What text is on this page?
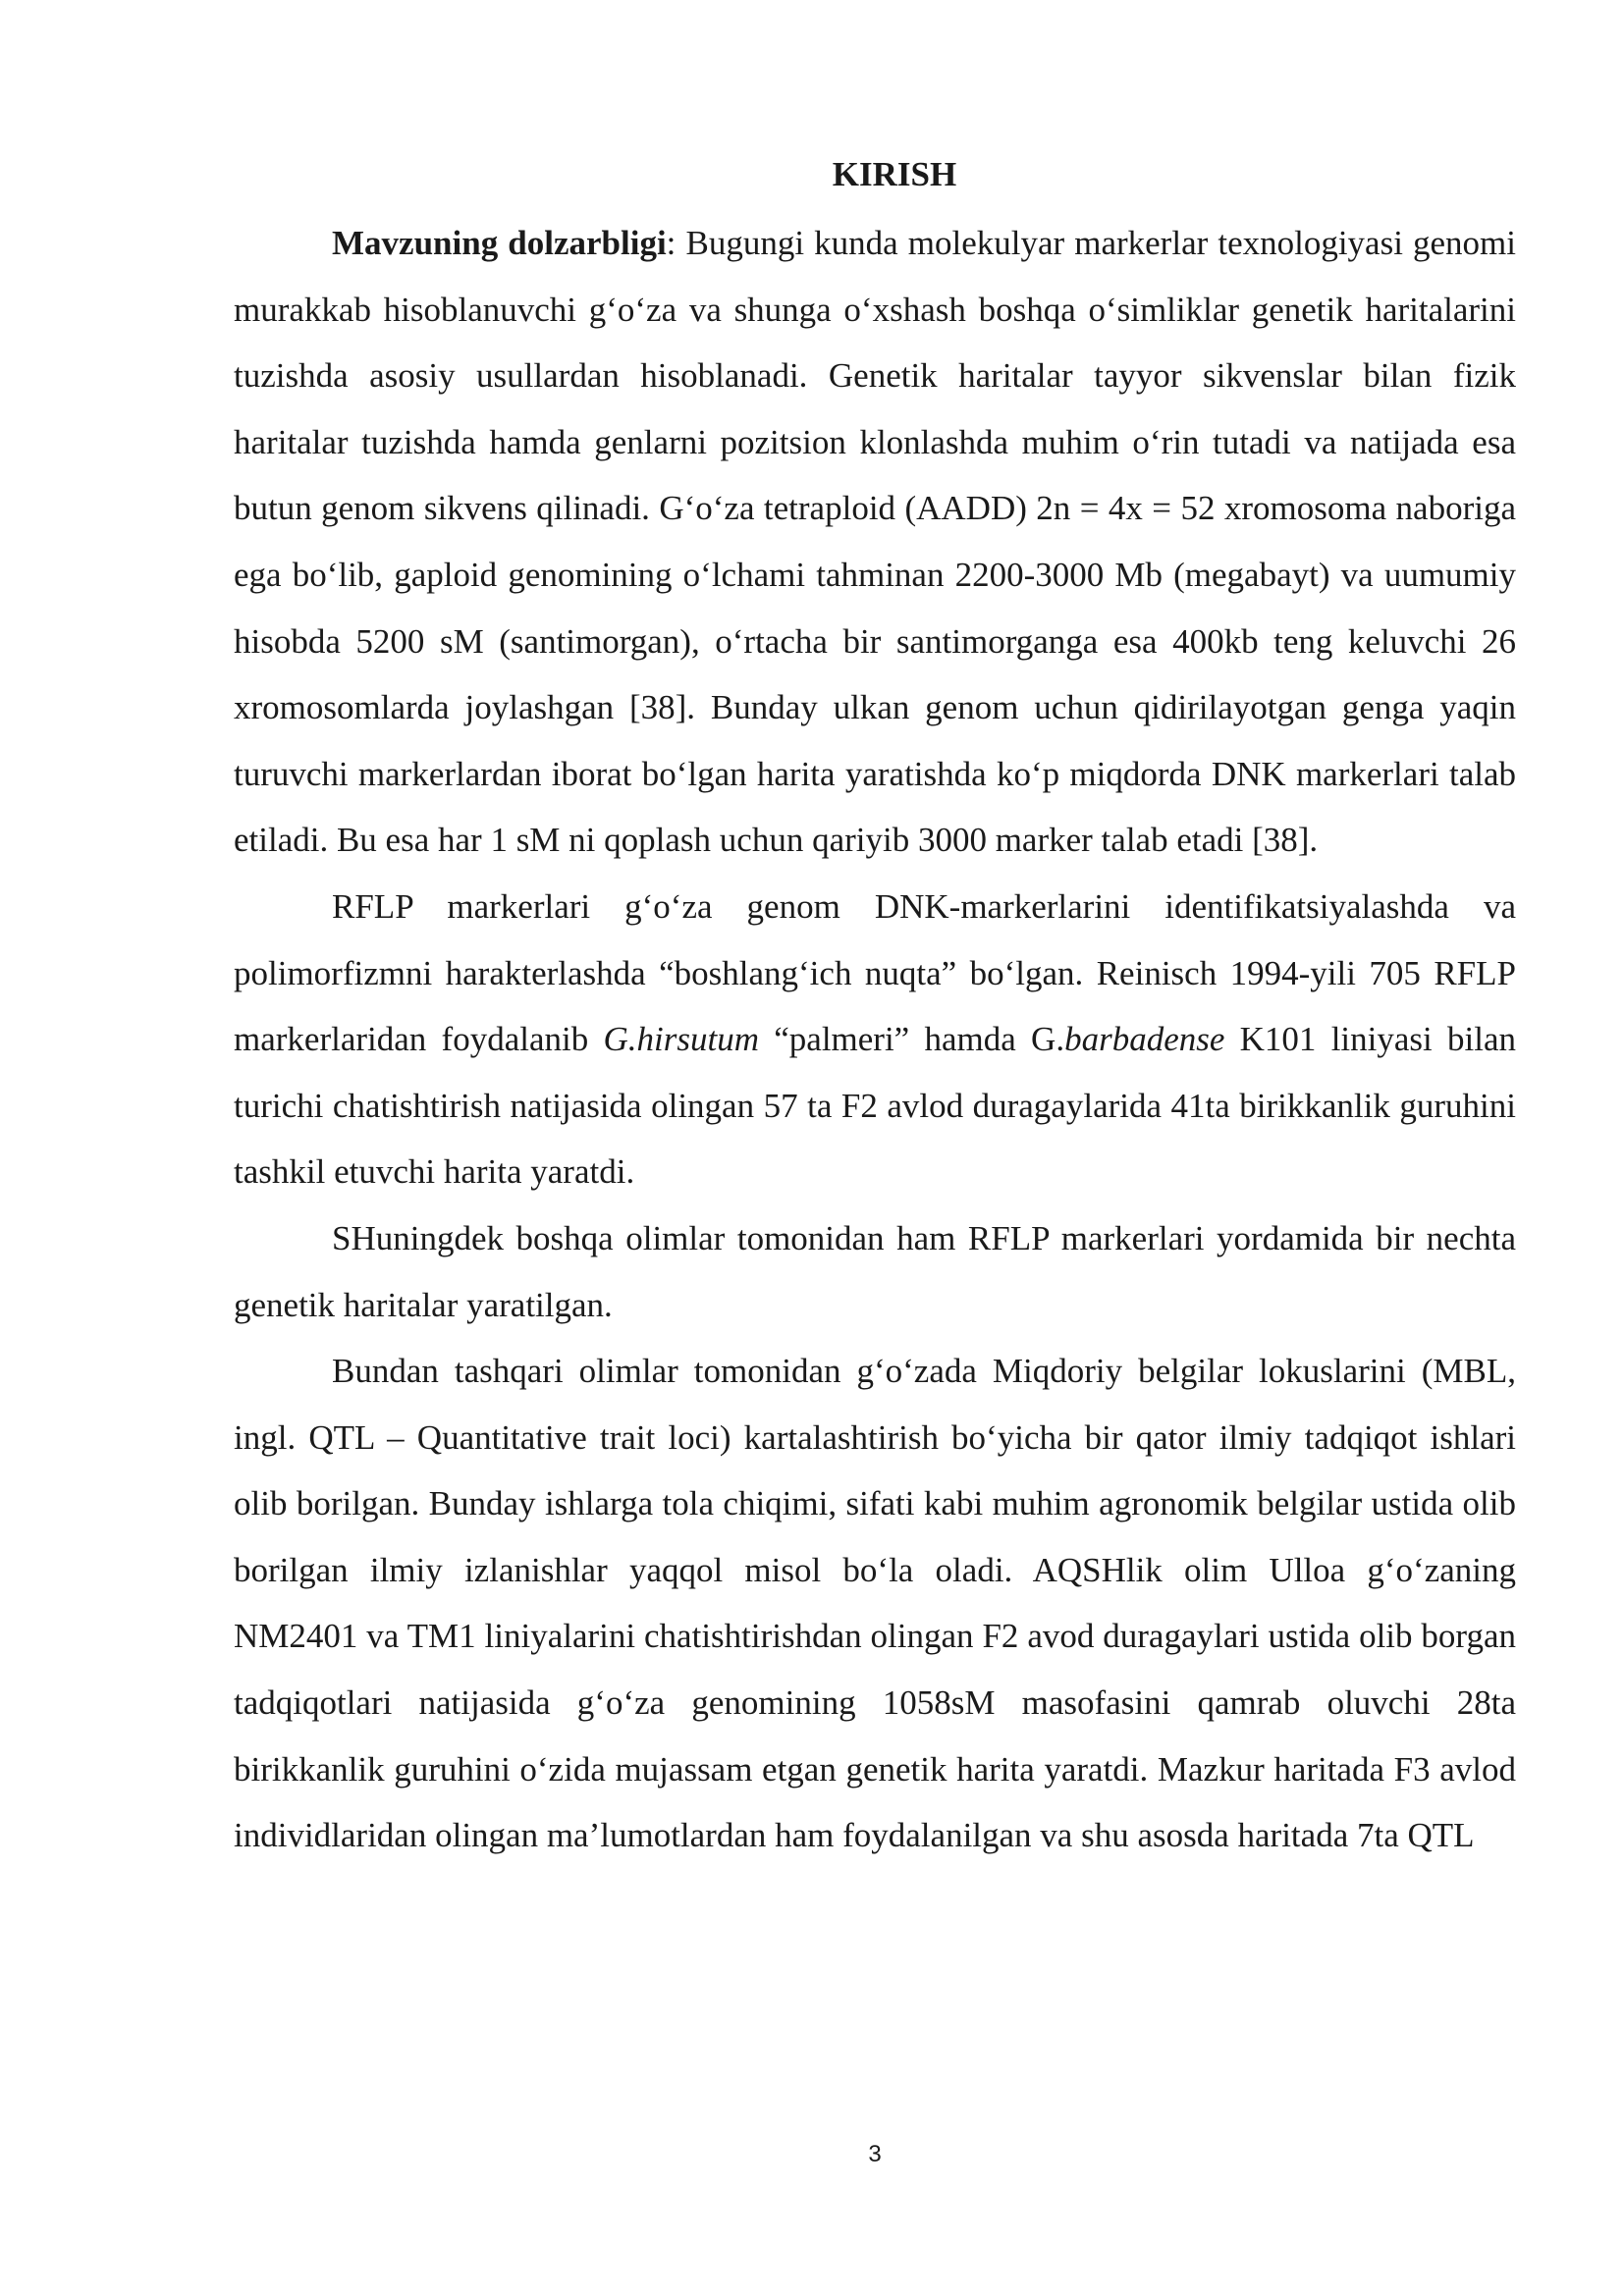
KIRISH

Mavzuning dolzarbligi: Bugungi kunda molekulyar markerlar texnologiyasi genomi murakkab hisoblanuvchi g‘o‘za va shunga o‘xshash boshqa o‘simliklar genetik haritalarini tuzishda asosiy usullardan hisoblanadi. Genetik haritalar tayyor sikvenslar bilan fizik haritalar tuzishda hamda genlarni pozitsion klonlashda muhim o‘rin tutadi va natijada esa butun genom sikvens qilinadi. G‘o‘za tetraploid (AADD) 2n = 4x = 52 xromosoma naboriga ega bo‘lib, gaploid genomining o‘lchami tahminan 2200-3000 Mb (megabayt) va uumumiy hisobda 5200 sM (santimorgan), o‘rtacha bir santimorganga esa 400kb teng keluvchi 26 xromosomlarda joylashgan [38]. Bunday ulkan genom uchun qidirilayotgan genga yaqin turuvchi markerlardan iborat bo‘lgan harita yaratishda ko‘p miqdorda DNK markerlari talab etiladi. Bu esa har 1 sM ni qoplash uchun qariyib 3000 marker talab etadi [38].

RFLP markerlari g‘o‘za genom DNK-markerlarini identifikatsiyalashda va polimorfizmni harakterlashda “boshlang‘ich nuqta” bo‘lgan. Reinisch 1994-yili 705 RFLP markerlaridan foydalanib G.hirsutum “palmeri” hamda G.barbadense K101 liniyasi bilan turichi chatishtirish natijasida olingan 57 ta F2 avlod duragaylarida 41ta birikkanlik guruhini tashkil etuvchi harita yaratdi.

SHuningdek boshqa olimlar tomonidan ham RFLP markerlari yordamida bir nechta genetik haritalar yaratilgan.

Bundan tashqari olimlar tomonidan g‘o‘zada Miqdoriy belgilar lokuslarini (MBL, ingl. QTL – Quantitative trait loci) kartalashtirish bo‘yicha bir qator ilmiy tadqiqot ishlari olib borilgan. Bunday ishlarga tola chiqimi, sifati kabi muhim agronomik belgilar ustida olib borilgan ilmiy izlanishlar yaqqol misol bo‘la oladi. AQSHlik olim Ulloa g‘o‘zaning NM2401 va TM1 liniyalarini chatishtirishdan olingan F2 avod duragaylari ustida olib borgan tadqiqotlari natijasida g‘o‘za genomining 1058sM masofasini qamrab oluvchi 28ta birikkanlik guruhini o‘zida mujassam etgan genetik harita yaratdi. Mazkur haritada F3 avlod individlaridan olingan ma’lumotlardan ham foydalanilgan va shu asosda haritada 7ta QTL

3
